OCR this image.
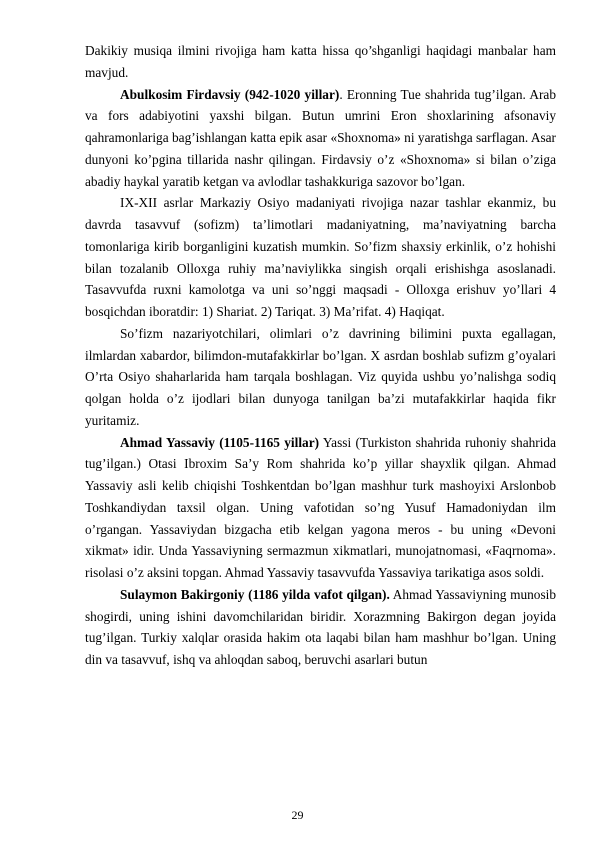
Dakikiy musiqa ilmini rivojiga ham katta hissa qo’shganligi haqidagi manbalar ham mavjud.

Abulkosim Firdavsiy (942-1020 yillar). Eronning Tue shahrida tug’ilgan. Arab va fors adabiyotini yaxshi bilgan. Butun umrini Eron shoxlarining afsonaviy qahramonlariga bag’ishlangan katta epik asar «Shoxnoma» ni yaratishga sarflagan. Asar dunyoni ko’pgina tillarida nashr qilingan. Firdavsiy o’z «Shoxnoma» si bilan o’ziga abadiy haykal yaratib ketgan va avlodlar tashakkuriga sazovor bo’lgan.

IX-XII asrlar Markaziy Osiyo madaniyati rivojiga nazar tashlar ekanmiz, bu davrda tasavvuf (sofizm) ta’limotlari madaniyatning, ma’naviyatning barcha tomonlariga kirib borganligini kuzatish mumkin. So’fizm shaxsiy erkinlik, o’z hohishi bilan tozalanib Olloxga ruhiy ma’naviylikka singish orqali erishishga asoslanadi. Tasavvufda ruxni kamolotga va uni so’nggi maqsadi - Olloxga erishuv yo’llari 4 bosqichdan iboratdir: 1) Shariat. 2) Tariqat. 3) Ma’rifat. 4) Haqiqat.

So’fizm nazariyotchilari, olimlari o’z davrining bilimini puxta egallagan, ilmlardan xabardor, bilimdon-mutafakkirlar bo’lgan. X asrdan boshlab sufizm g’oyalari O’rta Osiyo shaharlarida ham tarqala boshlagan. Viz quyida ushbu yo’nalishga sodiq qolgan holda o’z ijodlari bilan dunyoga tanilgan ba’zi mutafakkirlar haqida fikr yuritamiz.

Ahmad Yassaviy (1105-1165 yillar) Yassi (Turkiston shahrida ruhoniy shahrida tug’ilgan.) Otasi Ibroxim Sa’y Rom shahrida ko’p yillar shayxlik qilgan. Ahmad Yassaviy asli kelib chiqishi Toshkentdan bo’lgan mashhur turk mashoyixi Arslonbob Toshkandiydan taxsil olgan. Uning vafotidan so’ng Yusuf Hamadoniydan ilm o’rgangan. Yassaviydan bizgacha etib kelgan yagona meros - bu uning «Devoni xikmat» idir. Unda Yassaviyning sermazmun xikmatlari, munojatnomasi, «Faqrnoma». risolasi o’z aksini topgan. Ahmad Yassaviy tasavvufda Yassaviya tarikatiga asos soldi.

Sulaymon Bakirgoniy (1186 yilda vafot qilgan). Ahmad Yassaviyning munosib shogirdi, uning ishini davomchilaridan biridir. Xorazmning Bakirgon degan joyida tug’ilgan. Turkiy xalqlar orasida hakim ota laqabi bilan ham mashhur bo’lgan. Uning din va tasavvuf, ishq va ahloqdan saboq, beruvchi asarlari butun

29
